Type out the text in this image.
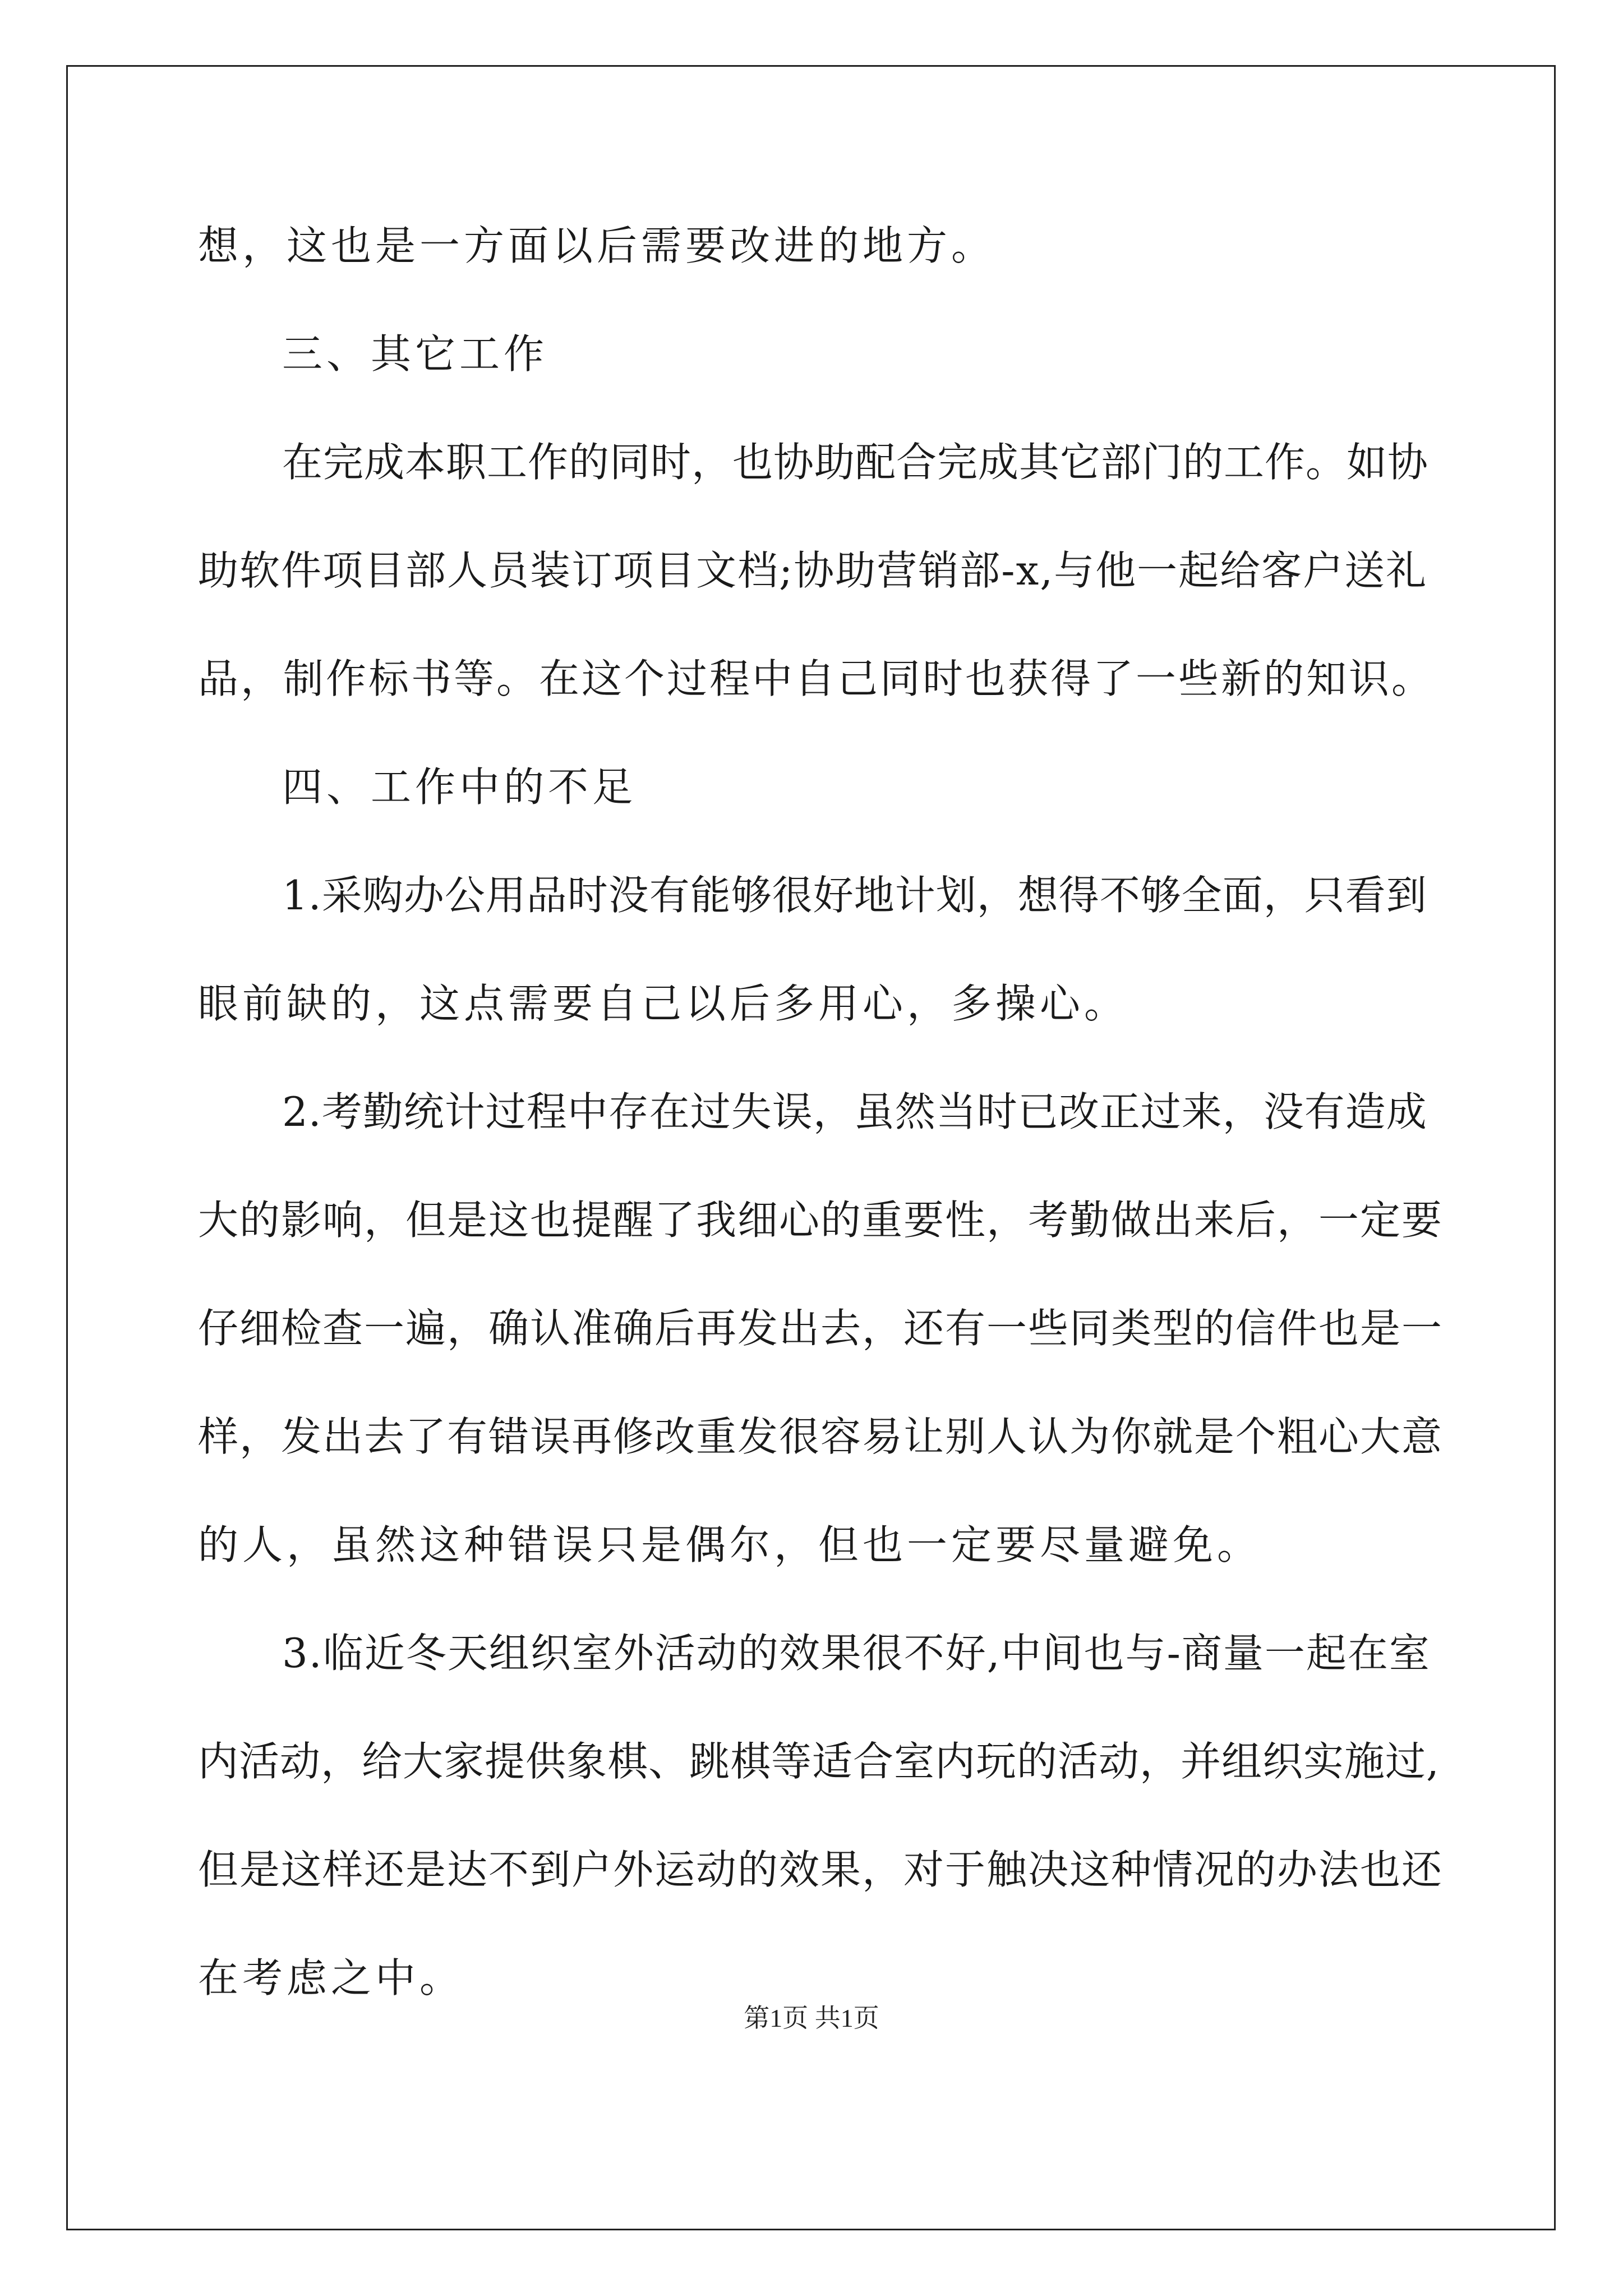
想，这也是一方面以后需要改进的地方。
三、其它工作
在完成本职工作的同时，也协助配合完成其它部门的工作。如协
助软件项目部人员装订项目文档;协助营销部-x,与他一起给客户送礼
品，制作标书等。在这个过程中自己同时也获得了一些新的知识。
四、工作中的不足
1.采购办公用品时没有能够很好地计划，想得不够全面，只看到
眼前缺的，这点需要自己以后多用心，多操心。
2.考勤统计过程中存在过失误，虽然当时已改正过来，没有造成
大的影响，但是这也提醒了我细心的重要性，考勤做出来后，一定要
仔细检查一遍，确认准确后再发出去，还有一些同类型的信件也是一
样，发出去了有错误再修改重发很容易让别人认为你就是个粗心大意
的人，虽然这种错误只是偶尔，但也一定要尽量避免。
3.临近冬天组织室外活动的效果很不好,中间也与-商量一起在室
内活动，给大家提供象棋、跳棋等适合室内玩的活动，并组织实施过,
但是这样还是达不到户外运动的效果，对于触决这种情况的办法也还
在考虑之中。
第1页 共1页
